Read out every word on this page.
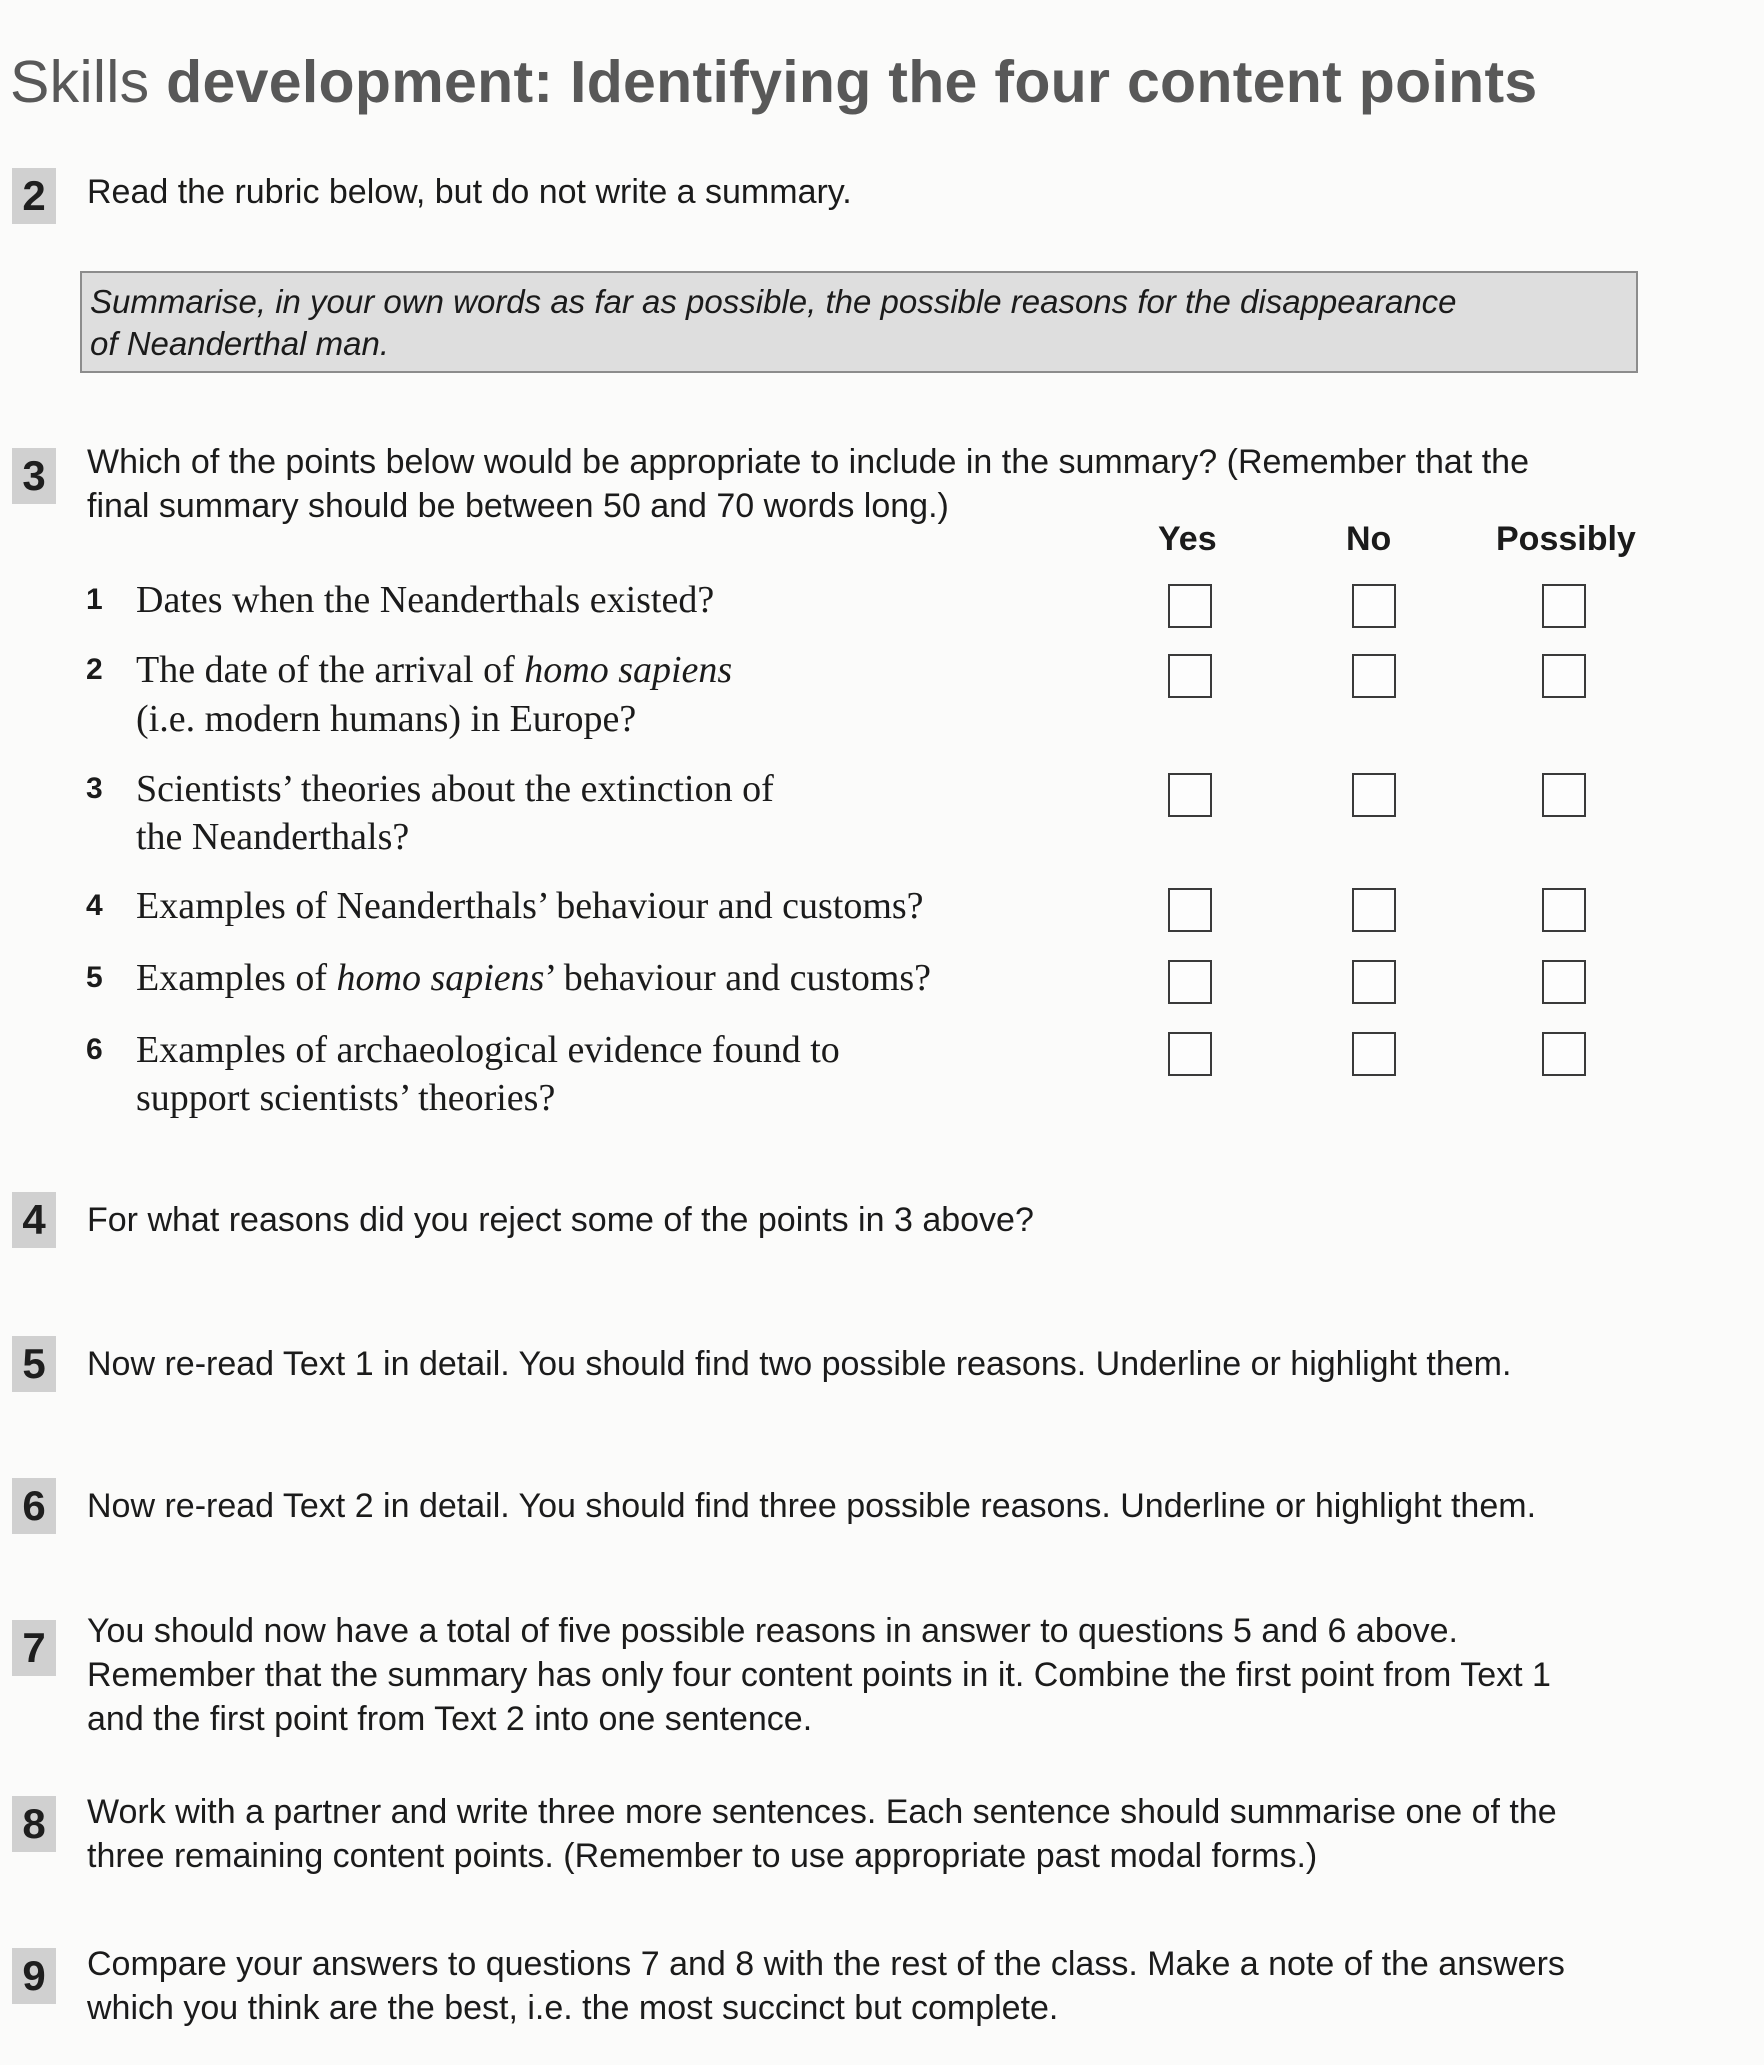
Skills development: Identifying the four content points
2	Read the rubric below, but do not write a summary.
Summarise, in your own words as far as possible, the possible reasons for the disappearance
of Neanderthal man.
3	Which of the points below would be appropriate to include in the summary? (Remember that the
final summary should be between 50 and 70 words long.)
Yes	No	Possibly
1 Dates when the Neanderthals existed?
2 The date of the arrival of homo sapiens
(i.e. modern humans) in Europe?
3 Scientists’ theories about the extinction of
the Neanderthals?
4 Examples of Neanderthals’ behaviour and customs?
5 Examples of homo sapiens’ behaviour and customs?
6 Examples of archaeological evidence found to
support scientists’ theories?
4	For what reasons did you reject some of the points in 3 above?
5	Now re-read Text 1 in detail. You should find two possible reasons. Underline or highlight them.
6	Now re-read Text 2 in detail. You should find three possible reasons. Underline or highlight them.
7	You should now have a total of five possible reasons in answer to questions 5 and 6 above.
Remember that the summary has only four content points in it. Combine the first point from Text 1
and the first point from Text 2 into one sentence.
8	Work with a partner and write three more sentences. Each sentence should summarise one of the
three remaining content points. (Remember to use appropriate past modal forms.)
9	Compare your answers to questions 7 and 8 with the rest of the class. Make a note of the answers
which you think are the best, i.e. the most succinct but complete.
